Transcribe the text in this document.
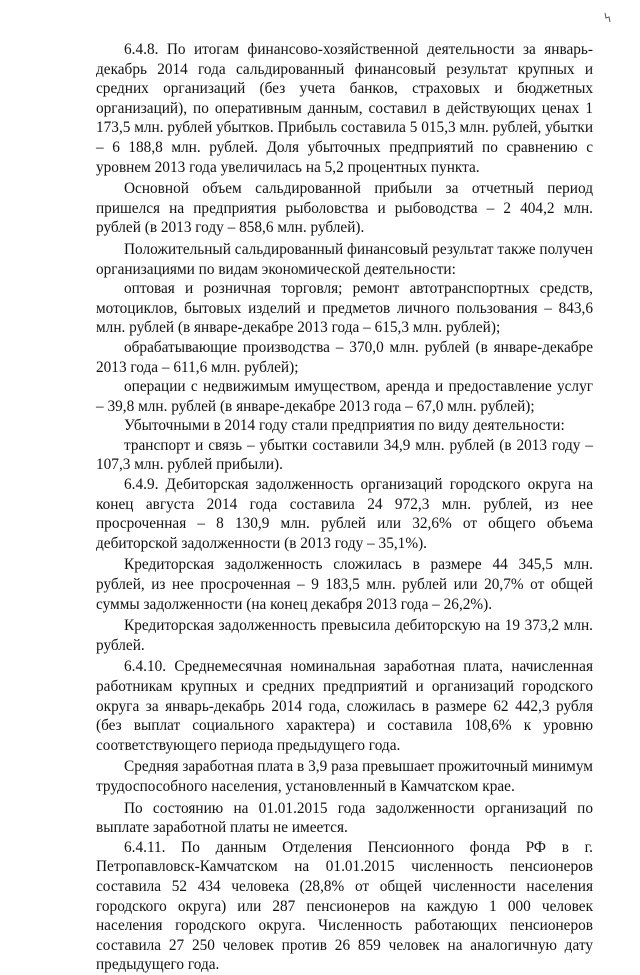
6.4.8. По итогам финансово-хозяйственной деятельности за январь-декабрь 2014 года сальдированный финансовый результат крупных и средних организаций (без учета банков, страховых и бюджетных организаций), по оперативным данным, составил в действующих ценах 1 173,5 млн. рублей убытков. Прибыль составила 5 015,3 млн. рублей, убытки – 6 188,8 млн. рублей. Доля убыточных предприятий по сравнению с уровнем 2013 года увеличилась на 5,2 процентных пункта.

Основной объем сальдированной прибыли за отчетный период пришелся на предприятия рыболовства и рыбоводства – 2 404,2 млн. рублей (в 2013 году – 858,6 млн. рублей).

Положительный сальдированный финансовый результат также получен организациями по видам экономической деятельности:

оптовая и розничная торговля; ремонт автотранспортных средств, мотоциклов, бытовых изделий и предметов личного пользования – 843,6 млн. рублей (в январе-декабре 2013 года – 615,3 млн. рублей);

обрабатывающие производства – 370,0 млн. рублей (в январе-декабре 2013 года – 611,6 млн. рублей);

операции с недвижимым имуществом, аренда и предоставление услуг – 39,8 млн. рублей (в январе-декабре 2013 года – 67,0 млн. рублей);

Убыточными в 2014 году стали предприятия по виду деятельности:

транспорт и связь – убытки составили 34,9 млн. рублей (в 2013 году – 107,3 млн. рублей прибыли).

6.4.9. Дебиторская задолженность организаций городского округа на конец августа 2014 года составила 24 972,3 млн. рублей, из нее просроченная – 8 130,9 млн. рублей или 32,6% от общего объема дебиторской задолженности (в 2013 году – 35,1%).

Кредиторская задолженность сложилась в размере 44 345,5 млн. рублей, из нее просроченная – 9 183,5 млн. рублей или 20,7% от общей суммы задолженности (на конец декабря 2013 года – 26,2%).

Кредиторская задолженность превысила дебиторскую на 19 373,2 млн. рублей.

6.4.10. Среднемесячная номинальная заработная плата, начисленная работникам крупных и средних предприятий и организаций городского округа за январь-декабрь 2014 года, сложилась в размере 62 442,3 рубля (без выплат социального характера) и составила 108,6% к уровню соответствующего периода предыдущего года.

Средняя заработная плата в 3,9 раза превышает прожиточный минимум трудоспособного населения, установленный в Камчатском крае.

По состоянию на 01.01.2015 года задолженности организаций по выплате заработной платы не имеется.

6.4.11. По данным Отделения Пенсионного фонда РФ в г. Петропавловск-Камчатском на 01.01.2015 численность пенсионеров составила 52 434 человека (28,8% от общей численности населения городского округа) или 287 пенсионеров на каждую 1 000 человек населения городского округа. Численность работающих пенсионеров составила 27 250 человек против 26 859 человек на аналогичную дату предыдущего года.
